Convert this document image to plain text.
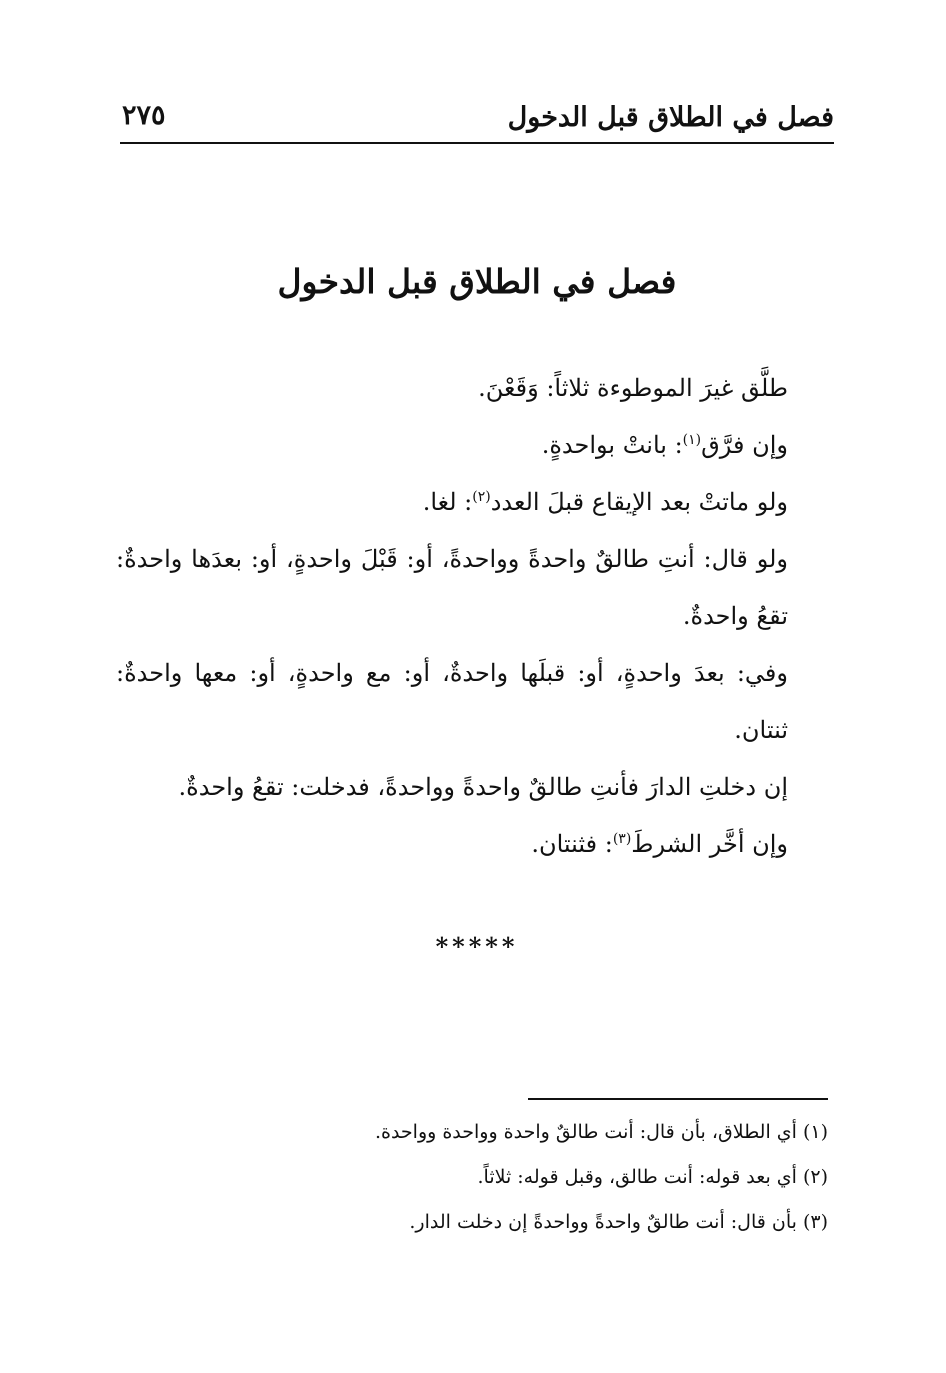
فصل في الطلاق قبل الدخول
٢٧٥
فصل في الطلاق قبل الدخول

طلَّق غيرَ الموطوءة ثلاثاً: وَقَعْنَ.

وإن فرَّق$^{(١)}$: بانتْ بواحدةٍ.

ولو ماتتْ بعد الإيقاع قبلَ العدد$^{(٢)}$: لغا.

ولو قال: أنتِ طالقٌ واحدةً وواحدةً، أو: قَبْلَ واحدةٍ، أو: بعدَها واحدةٌ: تقعُ واحدةٌ.

وفي: بعدَ واحدةٍ، أو: قبلَها واحدةٌ، أو: مع واحدةٍ، أو: معها واحدةٌ: ثنتان.

إن دخلتِ الدارَ فأنتِ طالقٌ واحدةً وواحدةً، فدخلت: تقعُ واحدةٌ.

وإن أخَّر الشرطَ$^{(٣)}$: فثنتان.

*****

(١)أي الطلاق، بأن قال: أنت طالقٌ واحدة وواحدة وواحدة.

(٢)أي بعد قوله: أنت طالق، وقبل قوله: ثلاثاً.

(٣)بأن قال: أنت طالقٌ واحدةً وواحدةً إن دخلت الدار.
